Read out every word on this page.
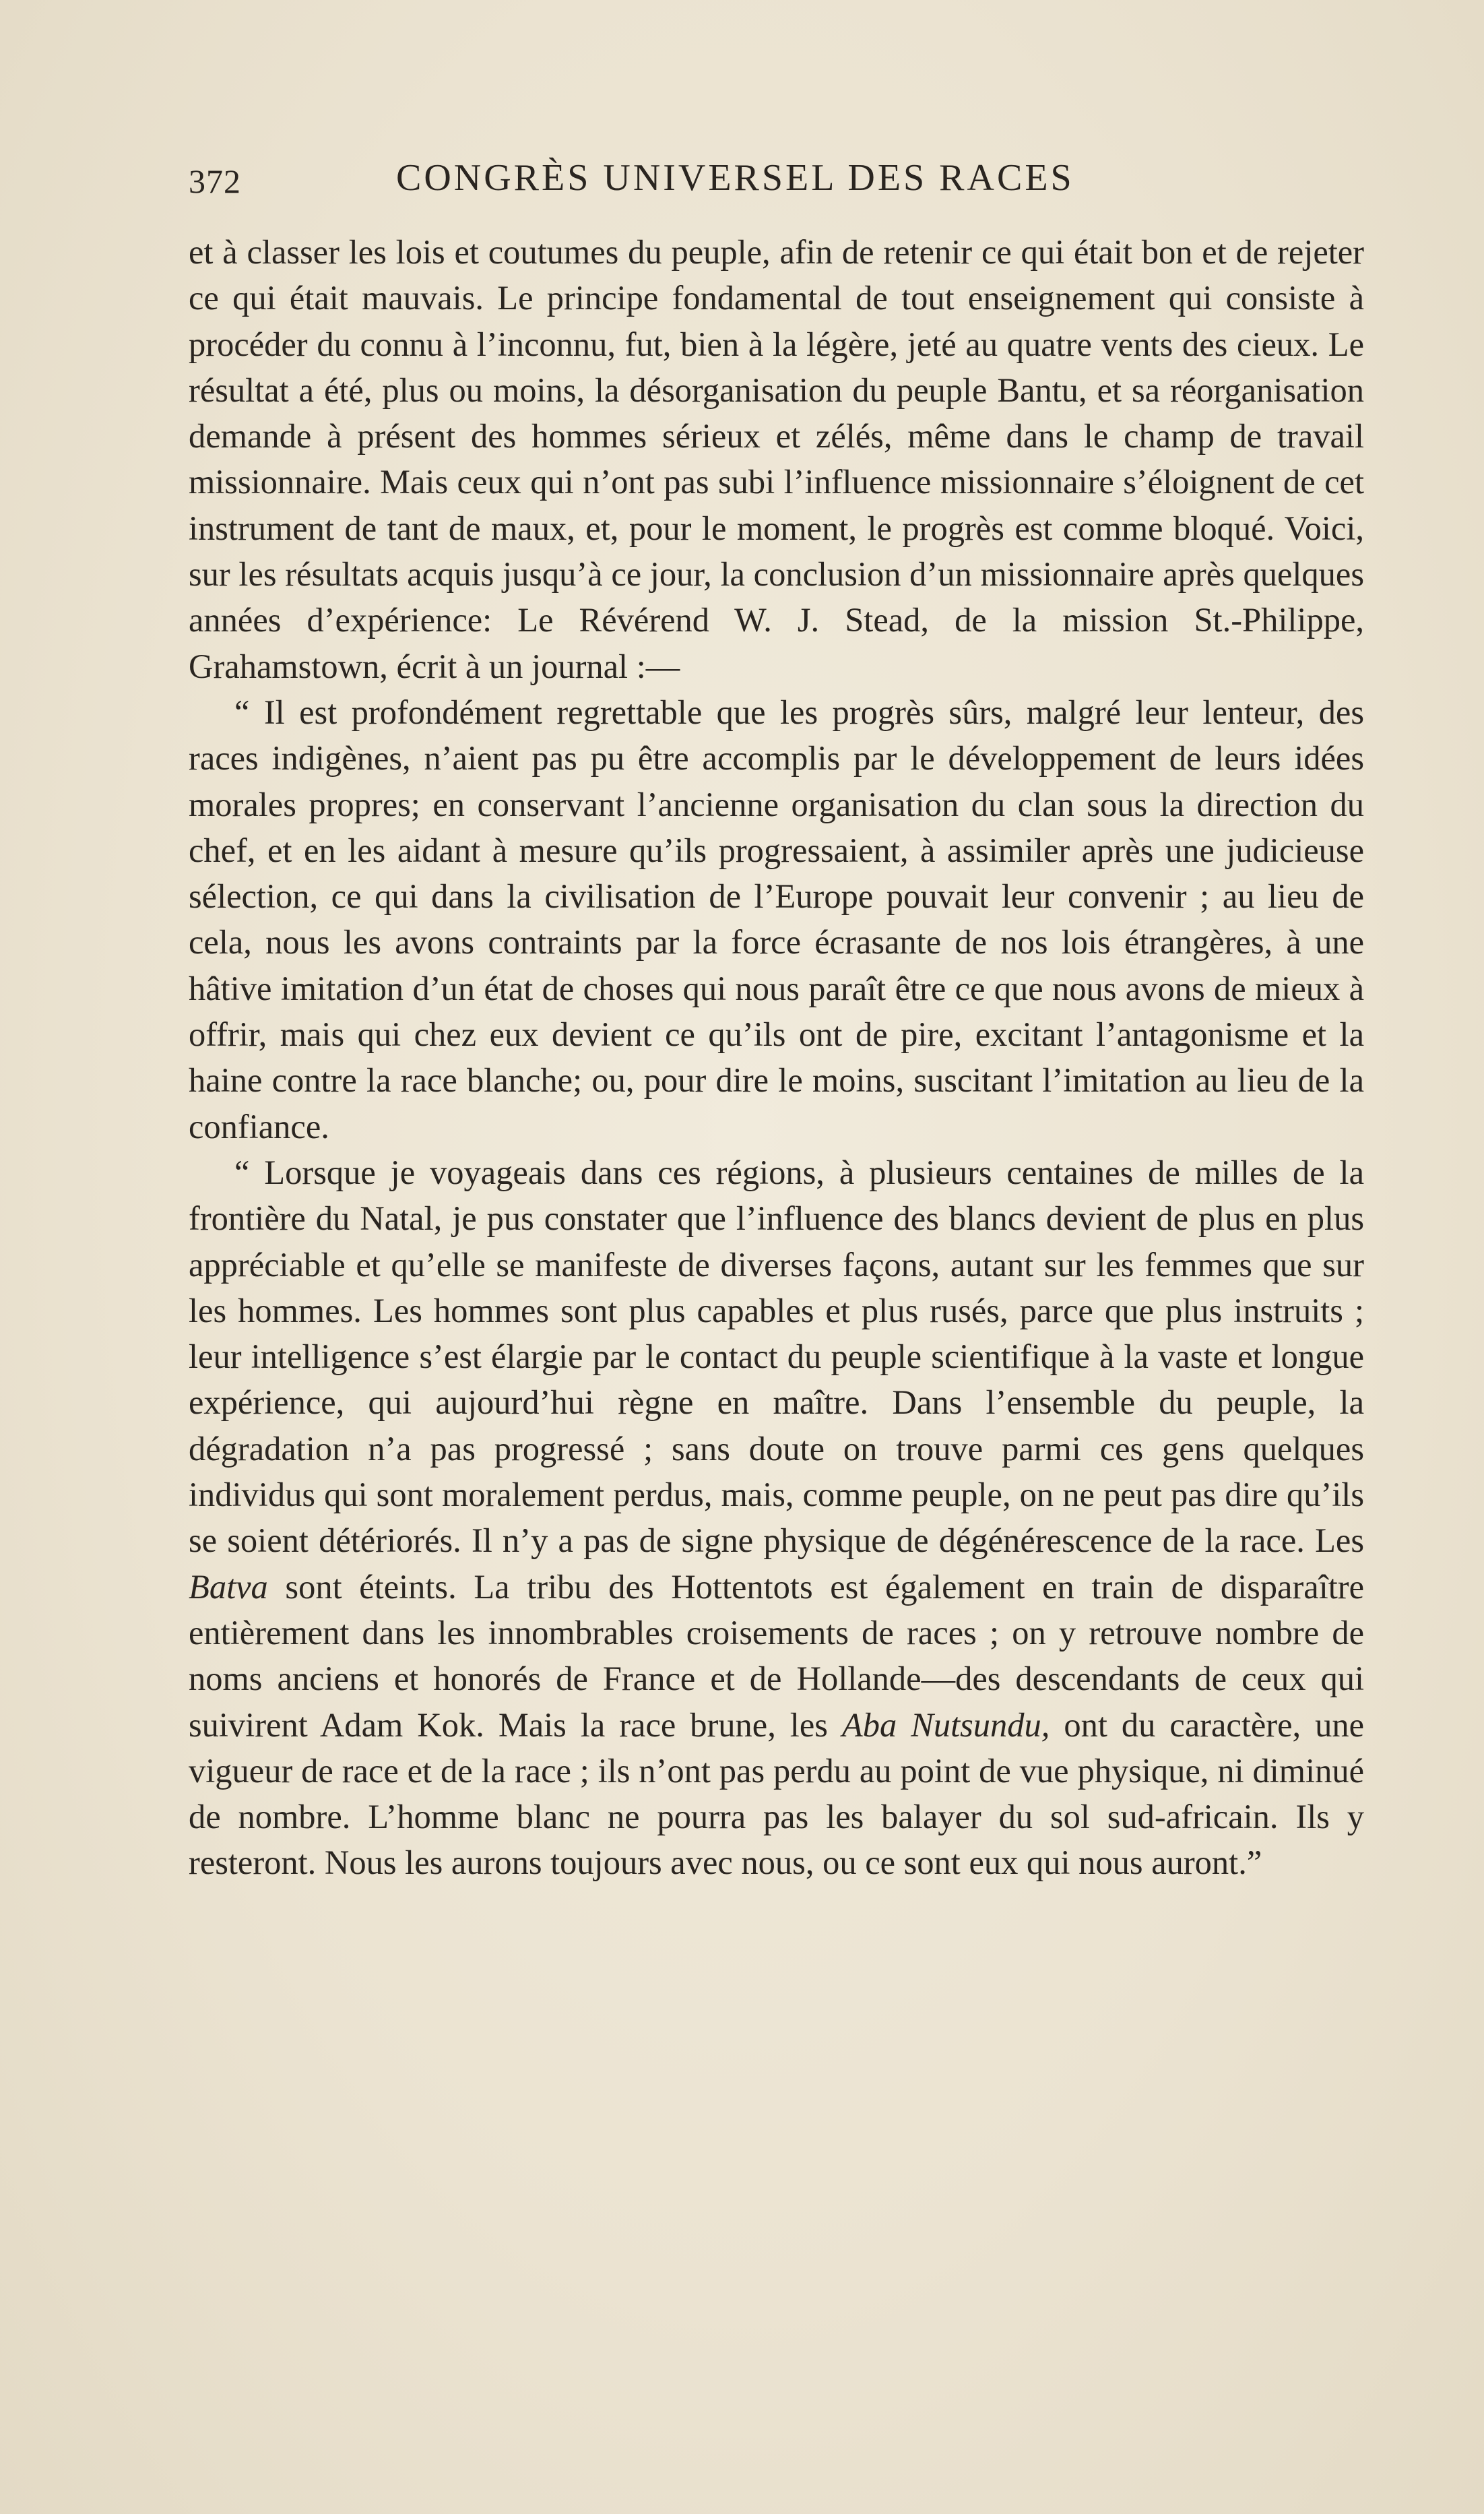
372	CONGRÈS UNIVERSEL DES RACES

et à classer les lois et coutumes du peuple, afin de retenir ce qui était bon et de rejeter ce qui était mauvais. Le principe fondamental de tout enseignement qui consiste à procéder du connu à l’inconnu, fut, bien à la légère, jeté au quatre vents des cieux. Le résultat a été, plus ou moins, la désorganisation du peuple Bantu, et sa réorganisation demande à présent des hommes sérieux et zélés, même dans le champ de travail missionnaire. Mais ceux qui n’ont pas subi l’influence missionnaire s’éloignent de cet instrument de tant de maux, et, pour le moment, le progrès est comme bloqué. Voici, sur les résultats acquis jusqu’à ce jour, la conclusion d’un missionnaire après quelques années d’expérience: Le Révérend W. J. Stead, de la mission St.-Philippe, Grahamstown, écrit à un journal :—

“ Il est profondément regrettable que les progrès sûrs, malgré leur lenteur, des races indigènes, n’aient pas pu être accomplis par le développement de leurs idées morales propres; en conservant l’ancienne organisation du clan sous la direction du chef, et en les aidant à mesure qu’ils progressaient, à assimiler après une judicieuse sélection, ce qui dans la civilisation de l’Europe pouvait leur convenir ; au lieu de cela, nous les avons contraints par la force écrasante de nos lois étrangères, à une hâtive imitation d’un état de choses qui nous paraît être ce que nous avons de mieux à offrir, mais qui chez eux devient ce qu’ils ont de pire, excitant l’antagonisme et la haine contre la race blanche; ou, pour dire le moins, suscitant l’imitation au lieu de la confiance.

“ Lorsque je voyageais dans ces régions, à plusieurs centaines de milles de la frontière du Natal, je pus constater que l’influence des blancs devient de plus en plus appréciable et qu’elle se manifeste de diverses façons, autant sur les femmes que sur les hommes. Les hommes sont plus capables et plus rusés, parce que plus instruits ; leur intelligence s’est élargie par le contact du peuple scientifique à la vaste et longue expérience, qui aujourd’hui règne en maître. Dans l’ensemble du peuple, la dégradation n’a pas progressé ; sans doute on trouve parmi ces gens quelques individus qui sont moralement perdus, mais, comme peuple, on ne peut pas dire qu’ils se soient détériorés. Il n’y a pas de signe physique de dégénérescence de la race. Les Batva sont éteints. La tribu des Hottentots est également en train de disparaître entièrement dans les innombrables croisements de races ; on y retrouve nombre de noms anciens et honorés de France et de Hollande—des descendants de ceux qui suivirent Adam Kok. Mais la race brune, les Aba Nutsundu, ont du caractère, une vigueur de race et de la race ; ils n’ont pas perdu au point de vue physique, ni diminué de nombre. L’homme blanc ne pourra pas les balayer du sol sud-africain. Ils y resteront. Nous les aurons toujours avec nous, ou ce sont eux qui nous auront.”
